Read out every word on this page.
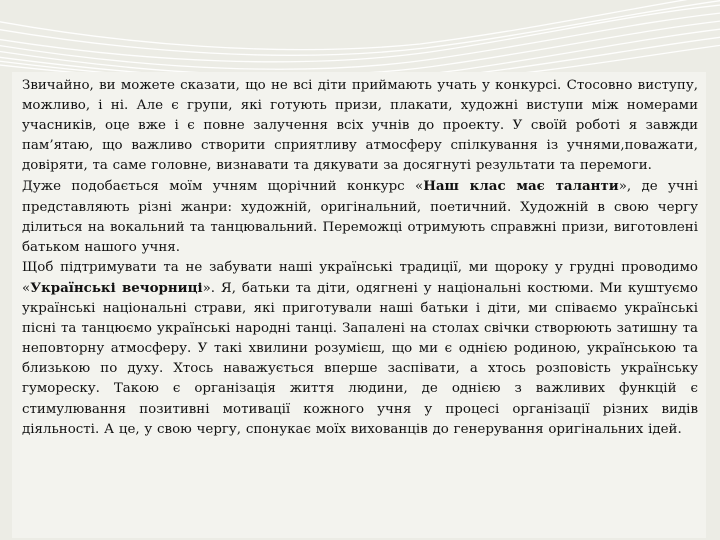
Звичайно, ви можете сказати, що не всі діти приймають учать у конкурсі. Стосовно виступу, можливо, і ні. Але є групи, які готують призи, плакати, художні виступи між номерами учасників, оце вже і є повне залучення всіх учнів до проекту. У своїй роботі я завжди пам’ятаю, що важливо створити сприятливу атмосферу спілкування із учнями,поважати, довіряти, та саме головне, визнавати та дякувати за досягнуті результати та перемоги.

Дуже подобається моїм учням щорічний конкурс «Наш клас має таланти», де учні представляють різні жанри: художній, оригінальний, поетичний. Художній в свою чергу ділиться на вокальний та танцювальний. Переможці отримують справжні призи, виготовлені батьком нашого учня.

Щоб підтримувати та не забувати наші українські традиції, ми щороку у грудні проводимо «Українські вечорниці». Я, батьки та діти, одягнені у національні костюми. Ми куштуємо українські національні страви, які приготували наші батьки і діти, ми співаємо українські пісні та танцюємо українські народні танці. Запалені на столах свічки створюють затишну та неповторну атмосферу. У такі хвилини розумієш, що ми є однією родиною, українською та близькою по духу. Хтось наважується вперше заспівати, а хтось розповість українську гумореску. Такою є організація життя людини, де однією з важливих функцій є стимулювання позитивні мотивації кожного учня у процесі організації різних видів діяльності. А це, у свою чергу, спонукає моїх вихованців до генерування оригінальних ідей.
